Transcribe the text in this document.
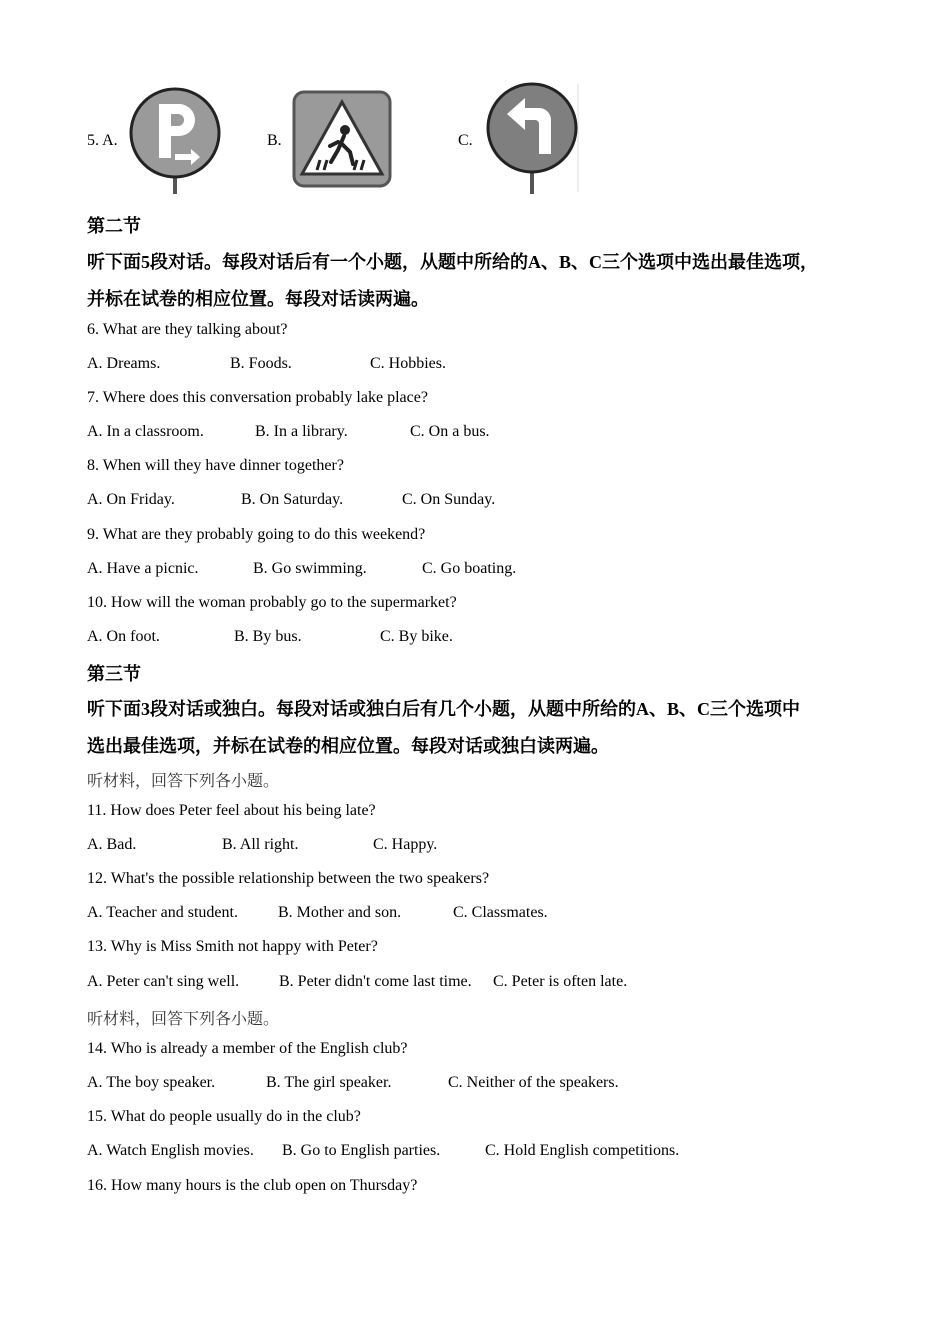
5. A.	B.	C.
第二节
听下面5段对话。每段对话后有一个小题，从题中所给的A、B、C三个选项中选出最佳选项，
并标在试卷的相应位置。每段对话读两遍。
6. What are they talking about?
A. Dreams.	B. Foods.	C. Hobbies.
7. Where does this conversation probably lake place?
A. In a classroom.	B. In a library.	C. On a bus.
8. When will they have dinner together?
A. On Friday.	B. On Saturday.	C. On Sunday.
9. What are they probably going to do this weekend?
A. Have a picnic.	B. Go swimming.	C. Go boating.
10. How will the woman probably go to the supermarket?
A. On foot.	B. By bus.	C. By bike.
第三节
听下面3段对话或独白。每段对话或独白后有几个小题，从题中所给的A、B、C三个选项中
选出最佳选项，并标在试卷的相应位置。每段对话或独白读两遍。
听材料，回答下列各小题。
11. How does Peter feel about his being late?
A. Bad.	B. All right.	C. Happy.
12. What's the possible relationship between the two speakers?
A. Teacher and student.	B. Mother and son.	C. Classmates.
13. Why is Miss Smith not happy with Peter?
A. Peter can't sing well. B. Peter didn't come last time. C. Peter is often late.
听材料，回答下列各小题。
14. Who is already a member of the English club?
A. The boy speaker.	B. The girl speaker.	C. Neither of the speakers.
15. What do people usually do in the club?
A. Watch English movies. B. Go to English parties.	C. Hold English competitions.
16. How many hours is the club open on Thursday?
